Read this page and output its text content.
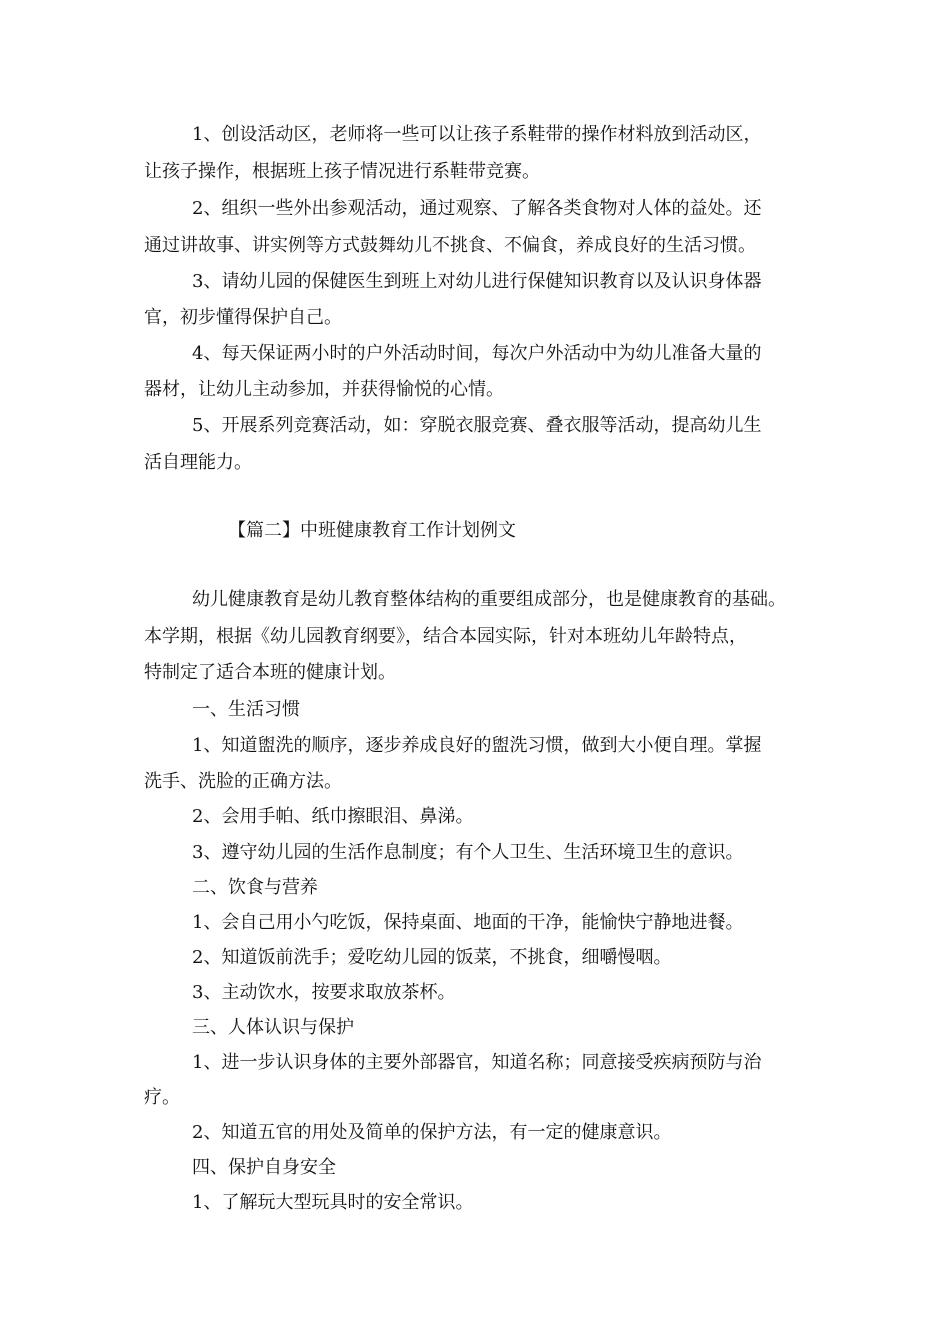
1、创设活动区，老师将一些可以让孩子系鞋带的操作材料放到活动区，
让孩子操作，根据班上孩子情况进行系鞋带竞赛。
2、组织一些外出参观活动，通过观察、了解各类食物对人体的益处。还
通过讲故事、讲实例等方式鼓舞幼儿不挑食、不偏食，养成良好的生活习惯。
3、请幼儿园的保健医生到班上对幼儿进行保健知识教育以及认识身体器
官，初步懂得保护自己。
4、每天保证两小时的户外活动时间，每次户外活动中为幼儿准备大量的
器材，让幼儿主动参加，并获得愉悦的心情。
5、开展系列竞赛活动，如：穿脱衣服竞赛、叠衣服等活动，提高幼儿生
活自理能力。
【篇二】中班健康教育工作计划例文
幼儿健康教育是幼儿教育整体结构的重要组成部分，也是健康教育的基础。
本学期，根据《幼儿园教育纲要》，结合本园实际，针对本班幼儿年龄特点，
特制定了适合本班的健康计划。
一、生活习惯
1、知道盥洗的顺序，逐步养成良好的盥洗习惯，做到大小便自理。掌握
洗手、洗脸的正确方法。
2、会用手帕、纸巾擦眼泪、鼻涕。
3、遵守幼儿园的生活作息制度；有个人卫生、生活环境卫生的意识。
二、饮食与营养
1、会自己用小勺吃饭，保持桌面、地面的干净，能愉快宁静地进餐。
2、知道饭前洗手；爱吃幼儿园的饭菜，不挑食，细嚼慢咽。
3、主动饮水，按要求取放茶杯。
三、人体认识与保护
1、进一步认识身体的主要外部器官，知道名称；同意接受疾病预防与治
疗。
2、知道五官的用处及简单的保护方法，有一定的健康意识。
四、保护自身安全
1、了解玩大型玩具时的安全常识。
